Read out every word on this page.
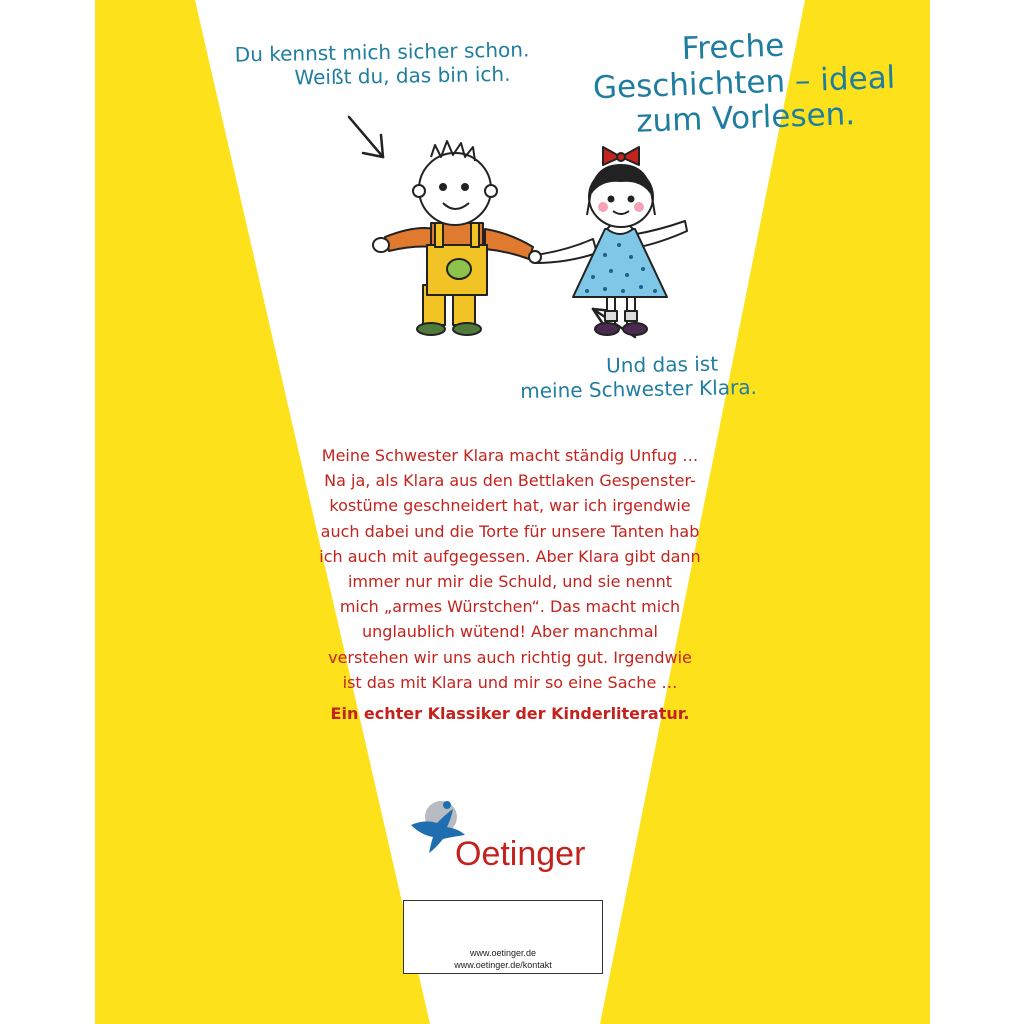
Du kennst mich sicher schon.
Weißt du, das bin ich.
Freche
Geschichten – ideal
zum Vorlesen.
Und das ist
meine Schwester Klara.
Meine Schwester Klara macht ständig Unfug …
Na ja, als Klara aus den Bettlaken Gespenster-
kostüme geschneidert hat, war ich irgendwie
auch dabei und die Torte für unsere Tanten hab
ich auch mit aufgegessen. Aber Klara gibt dann
immer nur mir die Schuld, und sie nennt
mich „armes Würstchen“. Das macht mich
unglaublich wütend! Aber manchmal
verstehen wir uns auch richtig gut. Irgendwie
ist das mit Klara und mir so eine Sache …
Ein echter Klassiker der Kinderliteratur.
Oetinger
www.oetinger.de
www.oetinger.de/kontakt
